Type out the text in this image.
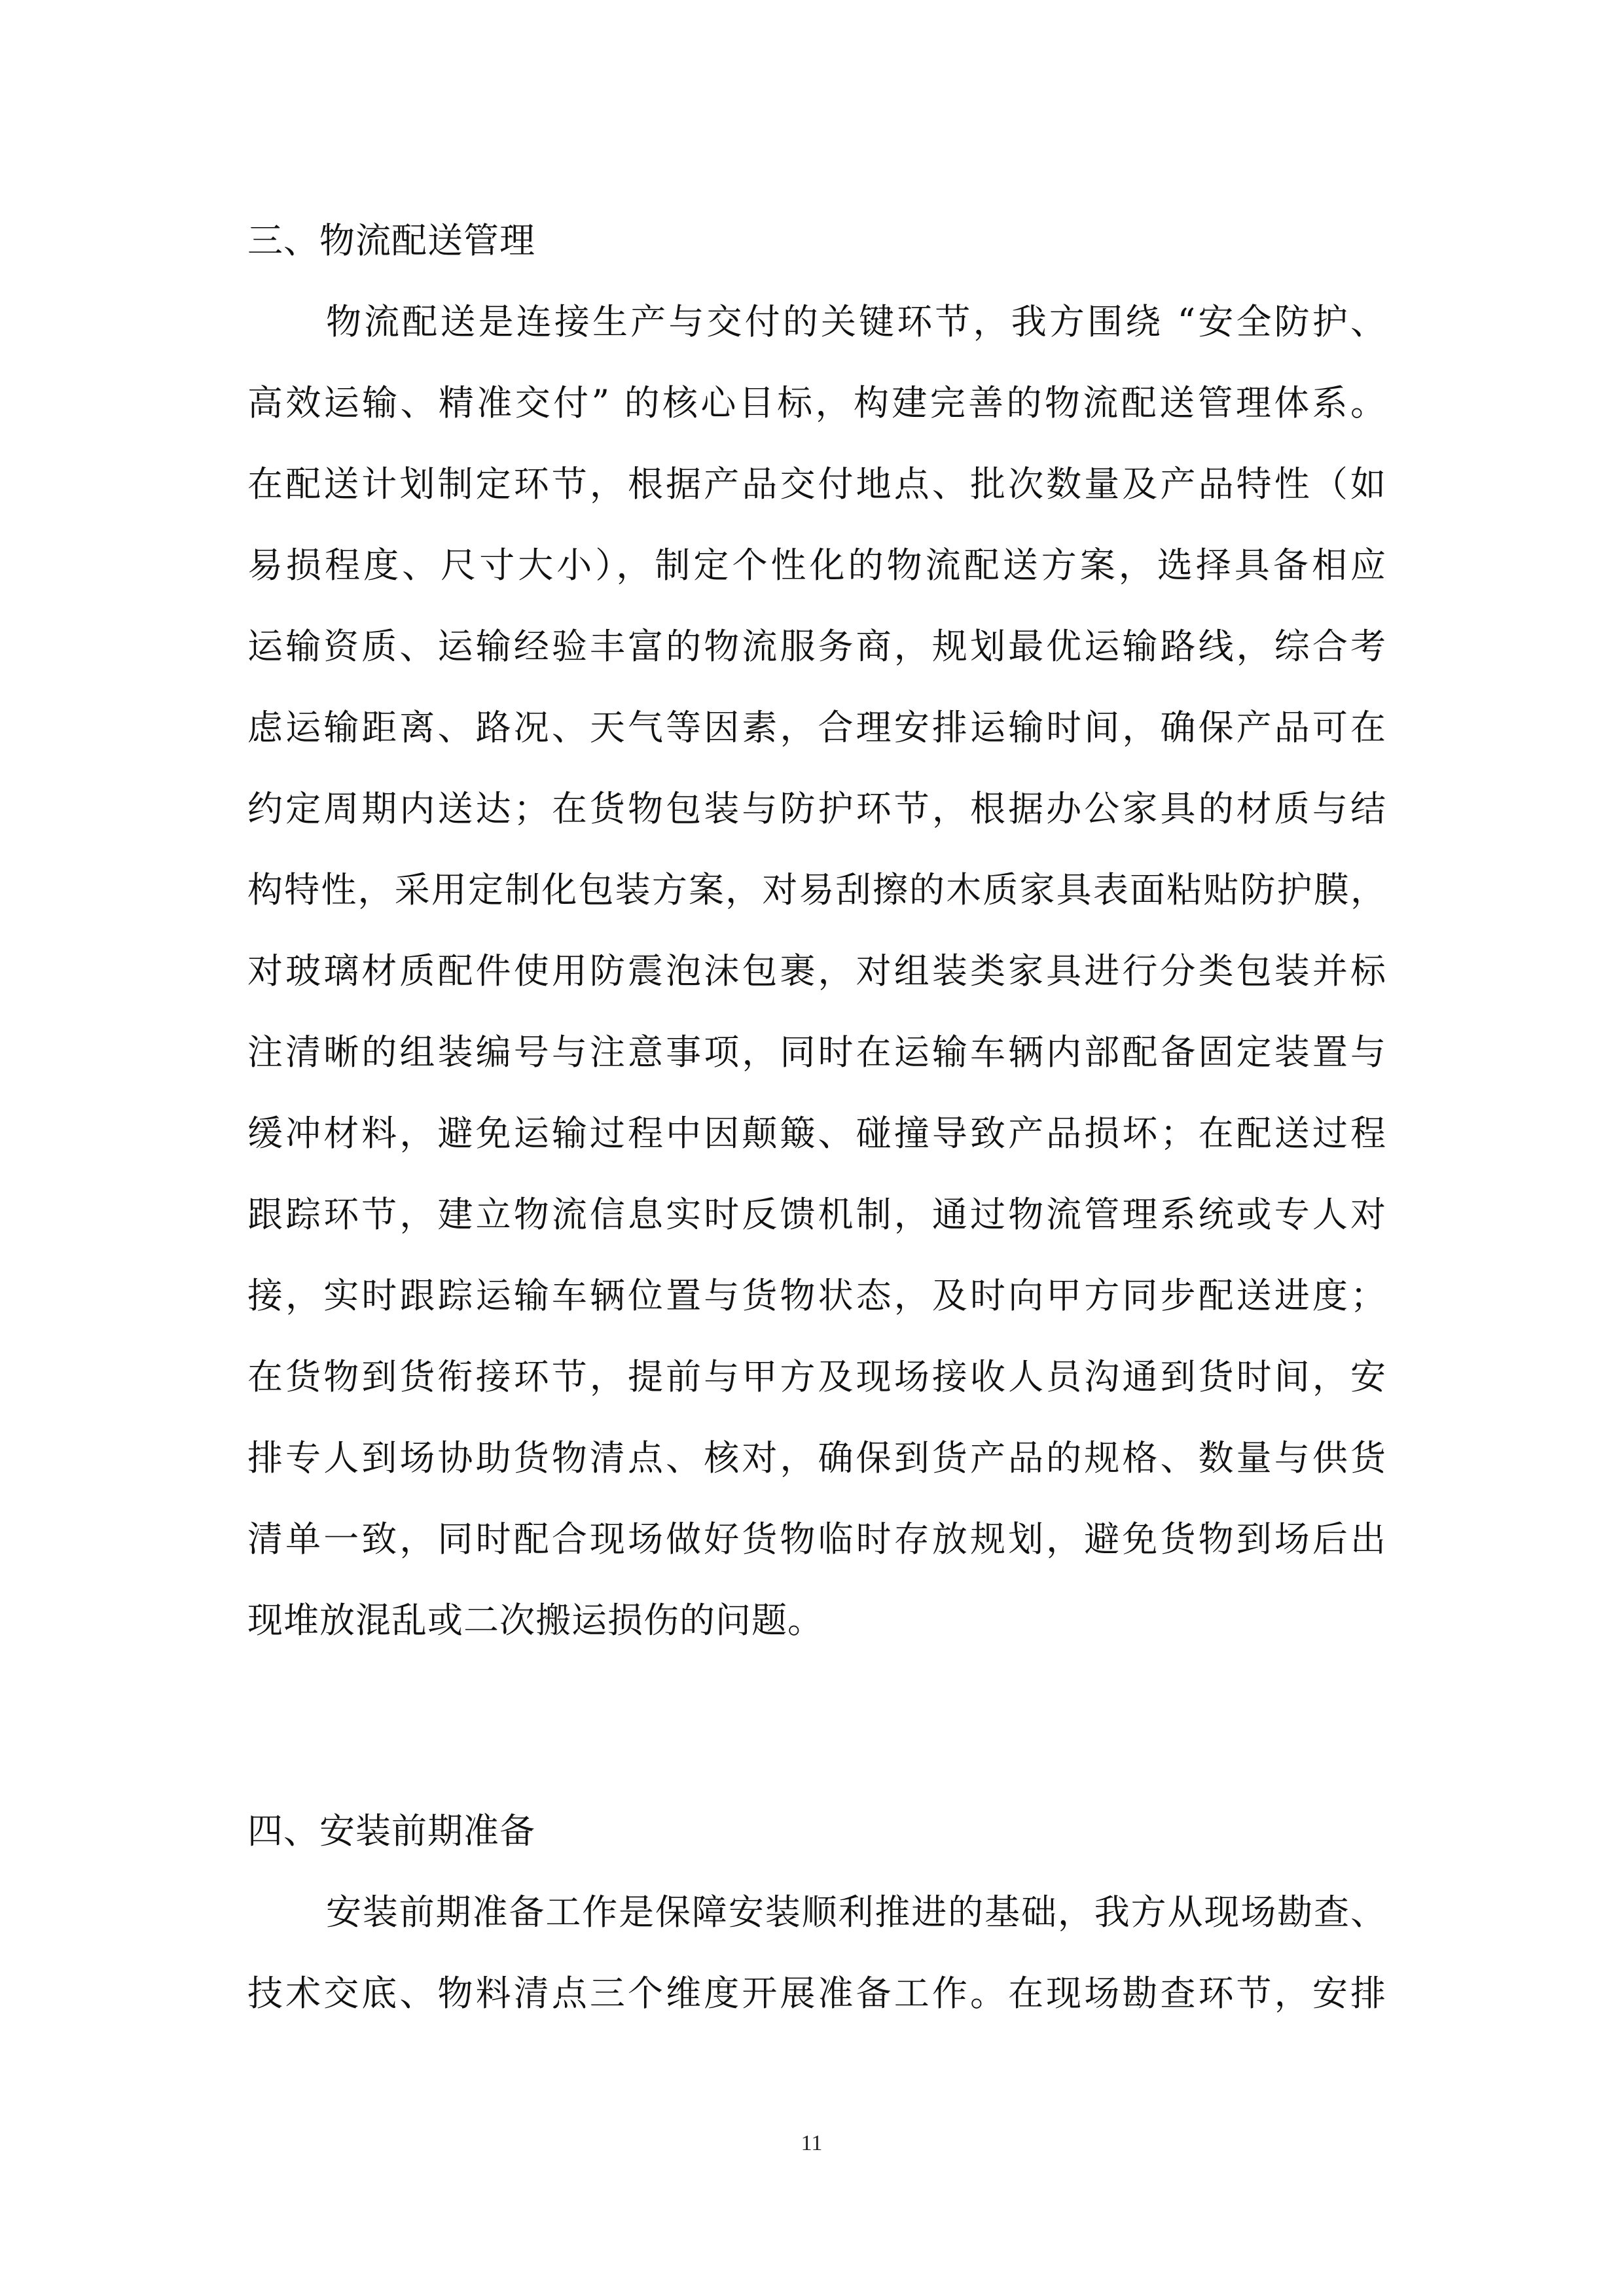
三、物流配送管理
物流配送是连接生产与交付的关键环节，我方围绕 “安全防护、
高效运输、精准交付” 的核心目标，构建完善的物流配送管理体系。
在配送计划制定环节，根据产品交付地点、批次数量及产品特性（如
易损程度、尺寸大小），制定个性化的物流配送方案，选择具备相应
运输资质、运输经验丰富的物流服务商，规划最优运输路线，综合考
虑运输距离、路况、天气等因素，合理安排运输时间，确保产品可在
约定周期内送达；在货物包装与防护环节，根据办公家具的材质与结
构特性，采用定制化包装方案，对易刮擦的木质家具表面粘贴防护膜，
对玻璃材质配件使用防震泡沫包裹，对组装类家具进行分类包装并标
注清晰的组装编号与注意事项，同时在运输车辆内部配备固定装置与
缓冲材料，避免运输过程中因颠簸、碰撞导致产品损坏；在配送过程
跟踪环节，建立物流信息实时反馈机制，通过物流管理系统或专人对
接，实时跟踪运输车辆位置与货物状态，及时向甲方同步配送进度；
在货物到货衔接环节，提前与甲方及现场接收人员沟通到货时间，安
排专人到场协助货物清点、核对，确保到货产品的规格、数量与供货
清单一致，同时配合现场做好货物临时存放规划，避免货物到场后出
现堆放混乱或二次搬运损伤的问题。
四、安装前期准备
安装前期准备工作是保障安装顺利推进的基础，我方从现场勘查、
技术交底、物料清点三个维度开展准备工作。在现场勘查环节，安排
11
